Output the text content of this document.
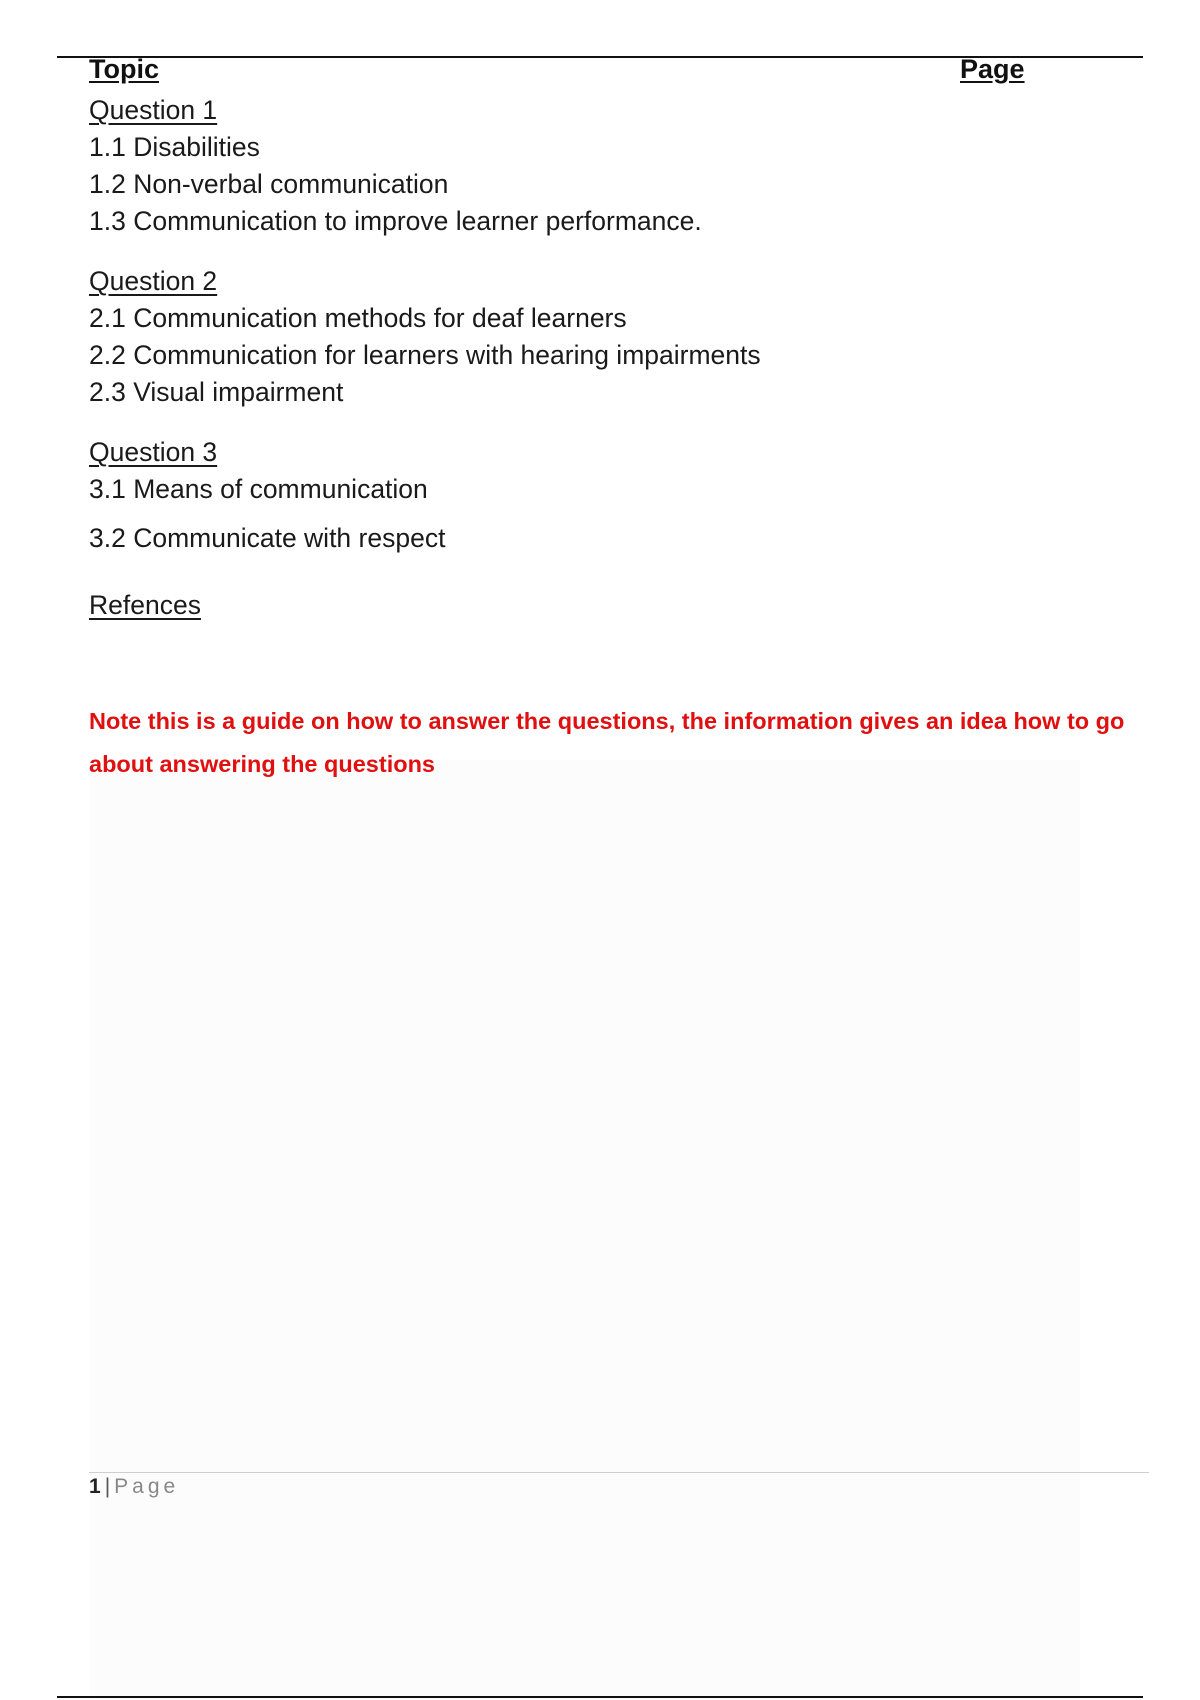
Topic	Page
Question 1
1.1 Disabilities
1.2 Non-verbal communication
1.3 Communication to improve learner performance.
Question 2
2.1 Communication methods for deaf learners
2.2 Communication for learners with hearing impairments
2.3 Visual impairment
Question 3
3.1 Means of communication
3.2 Communicate with respect
Refences
Note this is a guide on how to answer the questions, the information gives an idea how to go about answering the questions
1 | Page
